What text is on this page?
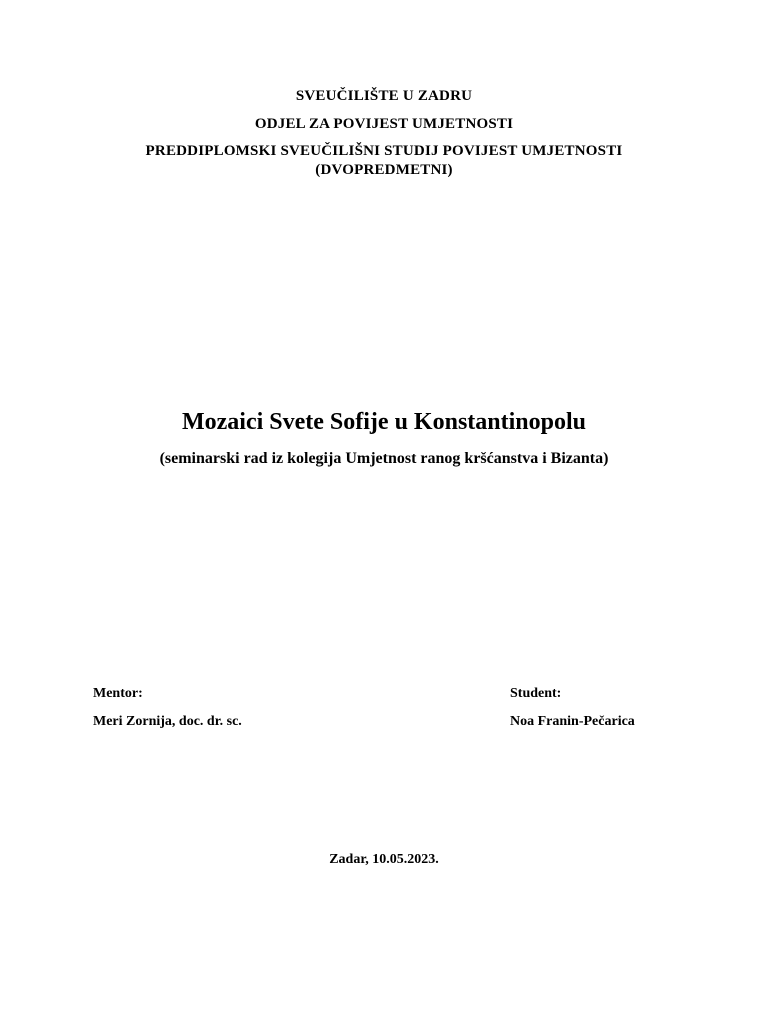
SVEUČILIŠTE U ZADRU
ODJEL ZA POVIJEST UMJETNOSTI
PREDDIPLOMSKI SVEUČILIŠNI STUDIJ POVIJEST UMJETNOSTI
(DVOPREDMETNI)
Mozaici Svete Sofije u Konstantinopolu
(seminarski rad iz kolegija Umjetnost ranog kršćanstva i Bizanta)
Mentor:
Meri Zornija, doc. dr. sc.
Student:
Noa Franin-Pečarica
Zadar, 10.05.2023.
